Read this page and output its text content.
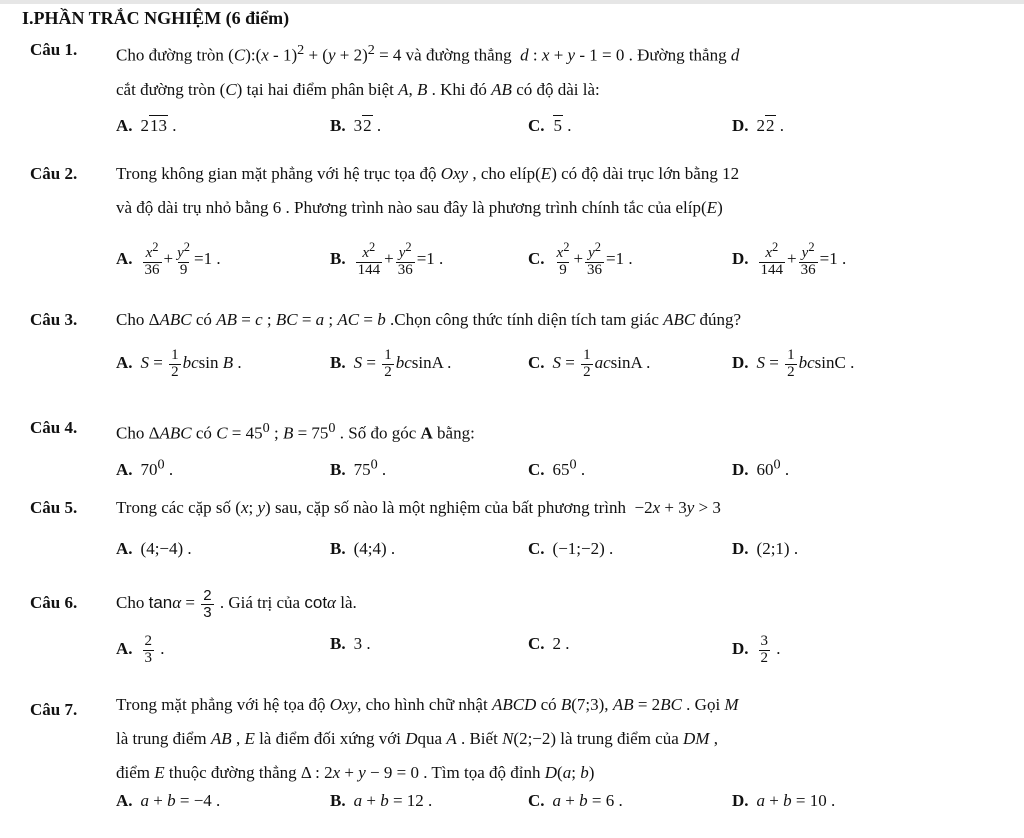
I.PHẦN TRẮC NGHIỆM (6 điểm)
Câu 1. Cho đường tròn (C):(x - $1)^2 + (y + 2)^2 = 4$ và đường thẳng  d : x + y - 1 = 0 . Đường thẳng d
cắt đường tròn (C) tại hai điểm phân biệt A, B . Khi đó AB có độ dài là:
A. 213 .	B. 32 .	C. 5 .	D. 22 .
Câu 2. Trong không gian mặt phẳng với hệ trục tọa độ Oxy , cho elíp(E) có độ dài trục lớn bằng 12
và độ dài trụ nhỏ bằng 6 . Phương trình nào sau đây là phương trình chính tắc của elíp(E)
A. $\frac{x^2}{36} + \frac{y^2}{9} =1$ .	B. $\frac{x^2}{144} + \frac{y^2}{36} =1$ .	C. $\frac{x^2}{9} + \frac{y^2}{36} =1$ .	D. $\frac{x^2}{144} + \frac{y^2}{36} =1$ .
Câu 3. Cho ΔABC có AB = c ; BC = a ; AC = b .Chọn công thức tính diện tích tam giác ABC đúng?
A. $S = \frac{1}{2}$ bcsin B .	B. $S = \frac{1}{2}$ bcsinA .	C. $S = \frac{1}{2}$ acsinA .	D. $S = \frac{1}{2}$ bcsinC .
Câu 4. Cho ΔABC có $C = 45^0$ ; $B = 75^0$ . Số đo góc A bằng:
A. $70^0$ .	B. $75^0$ .	C. $65^0$ .	D. $60^0$ .
Câu 5. Trong các cặp số (x; y) sau, cặp số nào là một nghiệm của bất phương trình  −2x + 3y > 3
A. (4;−4) .	B. (4;4) .	C. (−1;−2) .	D. (2;1) .
Câu 6. Cho $\tan\alpha = \frac{2}{3}$ . Giá trị của cotα là.
A. $\frac{2}{3}$ .	B. 3 .	C. 2 .	D. $\frac{3}{2}$ .
Câu 7. Trong mặt phẳng với hệ tọa độ Oxy, cho hình chữ nhật ABCD có B(7;3), AB = 2BC . Gọi M
là trung điểm AB , E là điểm đối xứng với Dqua A . Biết N(2;−2) là trung điểm của DM ,
điểm E thuộc đường thẳng Δ : 2x + y − 9 = 0 . Tìm tọa độ đỉnh D(a; b)
A. a + b = −4 .	B. a + b = 12 .	C. a + b = 6 .	D. a + b = 10 .
